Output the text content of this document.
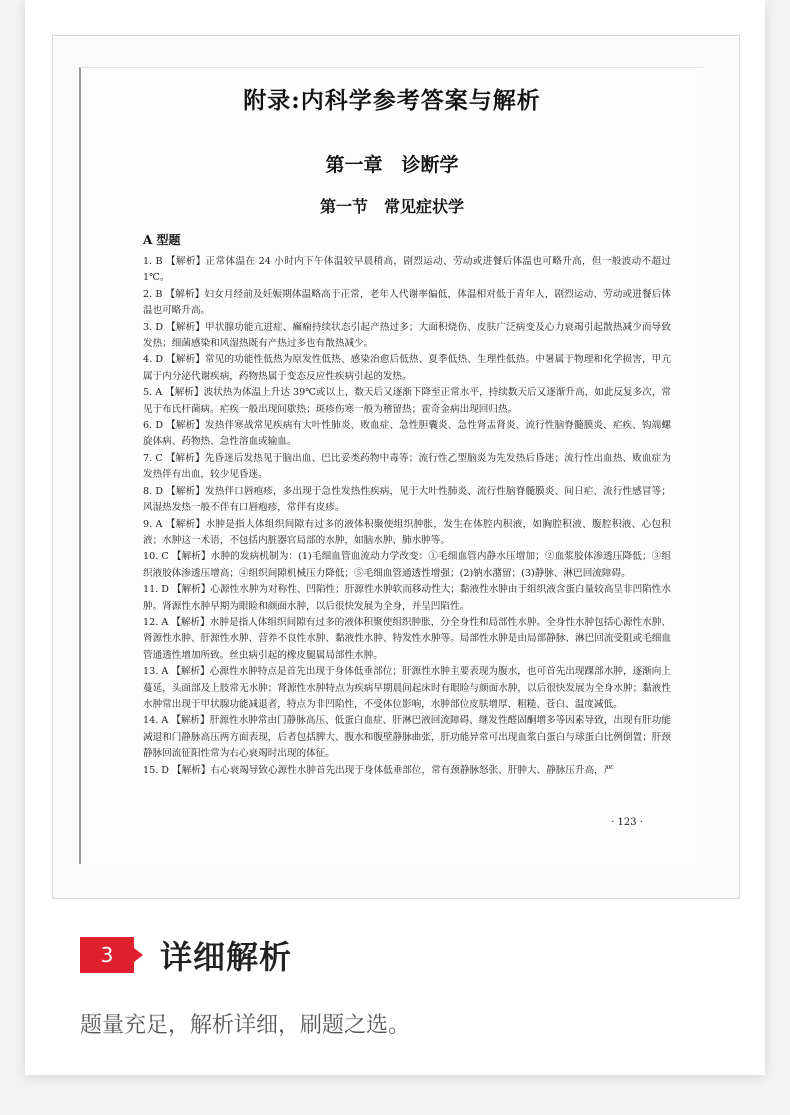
附录:内科学参考答案与解析
第一章　诊断学
第一节　常见症状学
A 型题

1. B 【解析】正常体温在 24 小时内下午体温较早晨稍高，剧烈运动、劳动或进餐后体温也可略升高，但一般波动不超过 1℃。

2. B 【解析】妇女月经前及妊娠期体温略高于正常，老年人代谢率偏低，体温相对低于青年人，剧烈运动、劳动或进餐后体温也可略升高。

3. D 【解析】甲状腺功能亢进症、癫痫持续状态引起产热过多；大面积烧伤、皮肤广泛病变及心力衰竭引起散热减少而导致发热；细菌感染和风湿热既有产热过多也有散热减少。

4. D 【解析】常见的功能性低热为原发性低热、感染治愈后低热、夏季低热、生理性低热。中暑属于物理和化学损害，甲亢属于内分泌代谢疾病，药物热属于变态反应性疾病引起的发热。

5. A 【解析】波状热为体温上升达 39℃或以上，数天后又逐渐下降至正常水平，持续数天后又逐渐升高，如此反复多次，常见于布氏杆菌病。疟疾一般出现间歇热；斑疹伤寒一般为稽留热；霍奇金病出现回归热。

6. D 【解析】发热伴寒战常见疾病有大叶性肺炎、败血症、急性胆囊炎、急性肾盂肾炎、流行性脑脊髓膜炎、疟疾、钩端螺旋体病、药物热、急性溶血或输血。

7. C 【解析】先昏迷后发热见于脑出血、巴比妥类药物中毒等；流行性乙型脑炎为先发热后昏迷；流行性出血热、败血症为发热伴有出血，较少见昏迷。

8. D 【解析】发热伴口唇疱疹，多出现于急性发热性疾病，见于大叶性肺炎、流行性脑脊髓膜炎、间日疟、流行性感冒等；风湿热发热一般不伴有口唇疱疹，常伴有皮疹。

9. A 【解析】水肿是指人体组织间隙有过多的液体积聚使组织肿胀，发生在体腔内积液，如胸腔积液、腹腔积液、心包积液；水肿这一术语，不包括内脏器官局部的水肿，如脑水肿、肺水肿等。

10. C 【解析】水肿的发病机制为：(1)毛细血管血流动力学改变：①毛细血管内静水压增加；②血浆胶体渗透压降低；③组织液胶体渗透压增高；④组织间隙机械压力降低；⑤毛细血管通透性增强；(2)钠水潴留；(3)静脉、淋巴回流障碍。

11. D 【解析】心源性水肿为对称性、凹陷性；肝源性水肿软而移动性大；黏液性水肿由于组织液含蛋白量较高呈非凹陷性水肿。肾源性水肿早期为眼睑和颜面水肿，以后很快发展为全身，并呈凹陷性。

12. A 【解析】水肿是指人体组织间隙有过多的液体积聚使组织肿胀，分全身性和局部性水肿。全身性水肿包括心源性水肿、肾源性水肿、肝源性水肿、营养不良性水肿、黏液性水肿、特发性水肿等。局部性水肿是由局部静脉、淋巴回流受阻或毛细血管通透性增加所致。丝虫病引起的橡皮腿属局部性水肿。

13. A 【解析】心源性水肿特点是首先出现于身体低垂部位；肝源性水肿主要表现为腹水，也可首先出现踝部水肿，逐渐向上蔓延，头面部及上肢常无水肿；肾源性水肿特点为疾病早期晨间起床时有眼睑与颜面水肿，以后很快发展为全身水肿；黏液性水肿常出现于甲状腺功能减退者，特点为非凹陷性，不受体位影响，水肿部位皮肤增厚、粗糙、苍白、温度减低。

14. A 【解析】肝源性水肿常由门静脉高压、低蛋白血症、肝淋巴液回流障碍、继发性醛固酮增多等因素导致，出现有肝功能减退和门静脉高压两方面表现，后者包括脾大、腹水和腹壁静脉曲张，肝功能异常可出现血浆白蛋白与球蛋白比例倒置；肝颈静脉回流征阳性常为右心衰竭时出现的体征。

15. D 【解析】右心衰竭导致心源性水肿首先出现于身体低垂部位，常有颈静脉怒张、肝肿大、静脉压升高，严

· 123 ·
3	详细解析
题量充足，解析详细，刷题之选。
